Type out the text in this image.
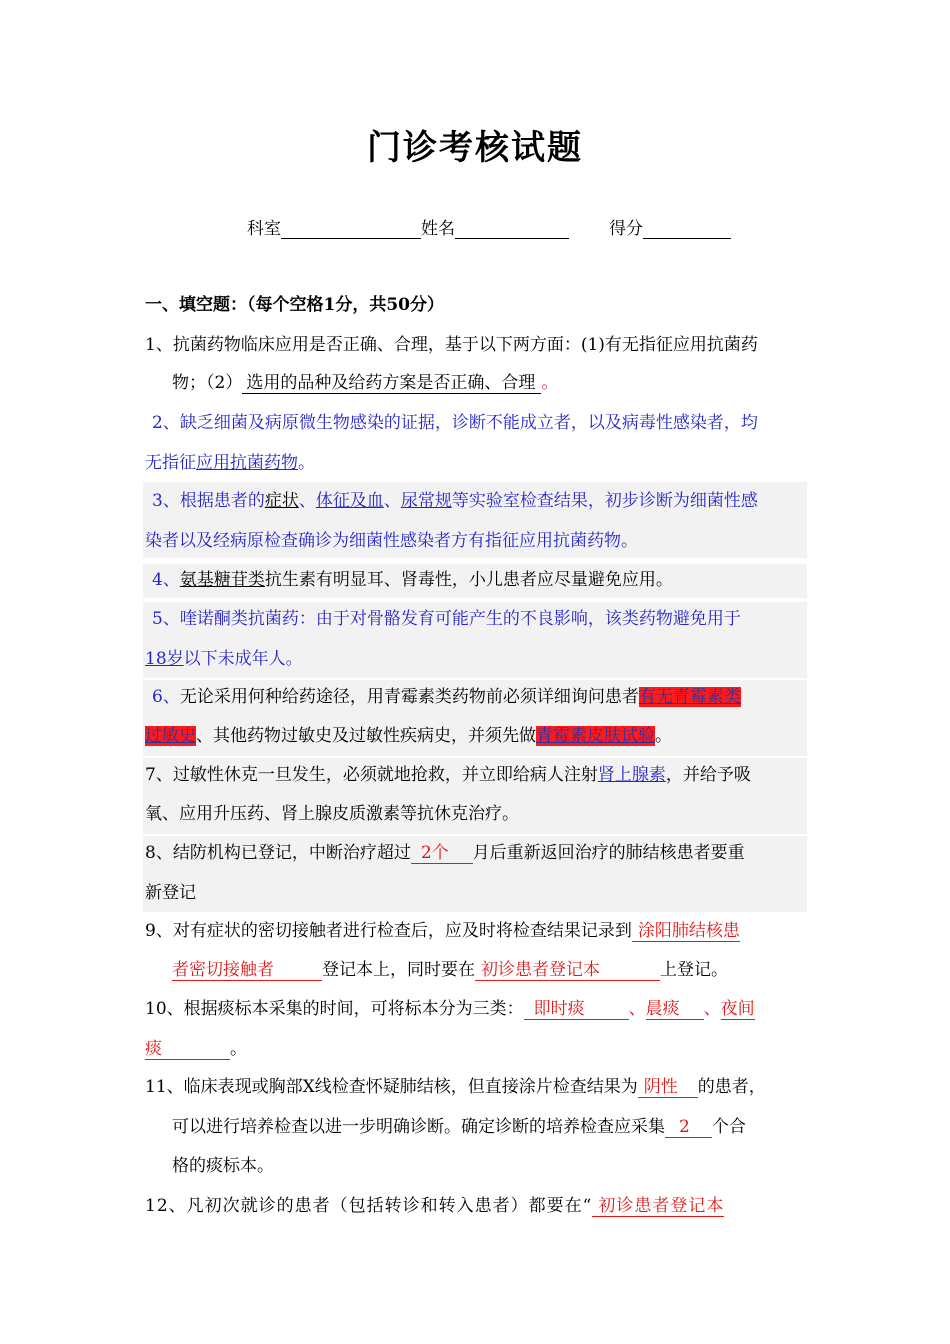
门诊考核试题
科室	姓名	得分
一、填空题：（每个空格1分，共50分）
1、抗菌药物临床应用是否正确、合理，基于以下两方面：(1)有无指征应用抗菌药
物；（2） 选用的品种及给药方案是否正确、合理 。
2、缺乏细菌及病原微生物感染的证据，诊断不能成立者，以及病毒性感染者，均
无指征应用抗菌药物。
3、根据患者的症状、体征及血、尿常规等实验室检查结果，初步诊断为细菌性感
染者以及经病原检查确诊为细菌性感染者方有指征应用抗菌药物。
4、氨基糖苷类抗生素有明显耳、肾毒性，小儿患者应尽量避免应用。
5、喹诺酮类抗菌药：由于对骨骼发育可能产生的不良影响，该类药物避免用于
18岁以下未成年人。
6、无论采用何种给药途径，用青霉素类药物前必须详细询问患者有无青霉素类
过敏史、其他药物过敏史及过敏性疾病史，并须先做青霉素皮肤试验。
7、过敏性休克一旦发生，必须就地抢救，并立即给病人注射肾上腺素，并给予吸
氧、应用升压药、肾上腺皮质激素等抗休克治疗。
8、结防机构已登记，中断治疗超过 2个 月后重新返回治疗的肺结核患者要重
新登记
9、对有症状的密切接触者进行检查后，应及时将检查结果记录到 涂阳肺结核患
者密切接触者	登记本上，同时要在 初诊患者登记本	上登记。
10、根据痰标本采集的时间，可将标本分为三类： 即时痰	、晨痰 、夜间
痰	。
11、临床表现或胸部X线检查怀疑肺结核，但直接涂片检查结果为 阴性 的患者，
可以进行培养检查以进一步明确诊断。确定诊断的培养检查应采集 2 个合
格的痰标本。
12、凡初次就诊的患者（包括转诊和转入患者）都要在“ 初诊患者登记本
